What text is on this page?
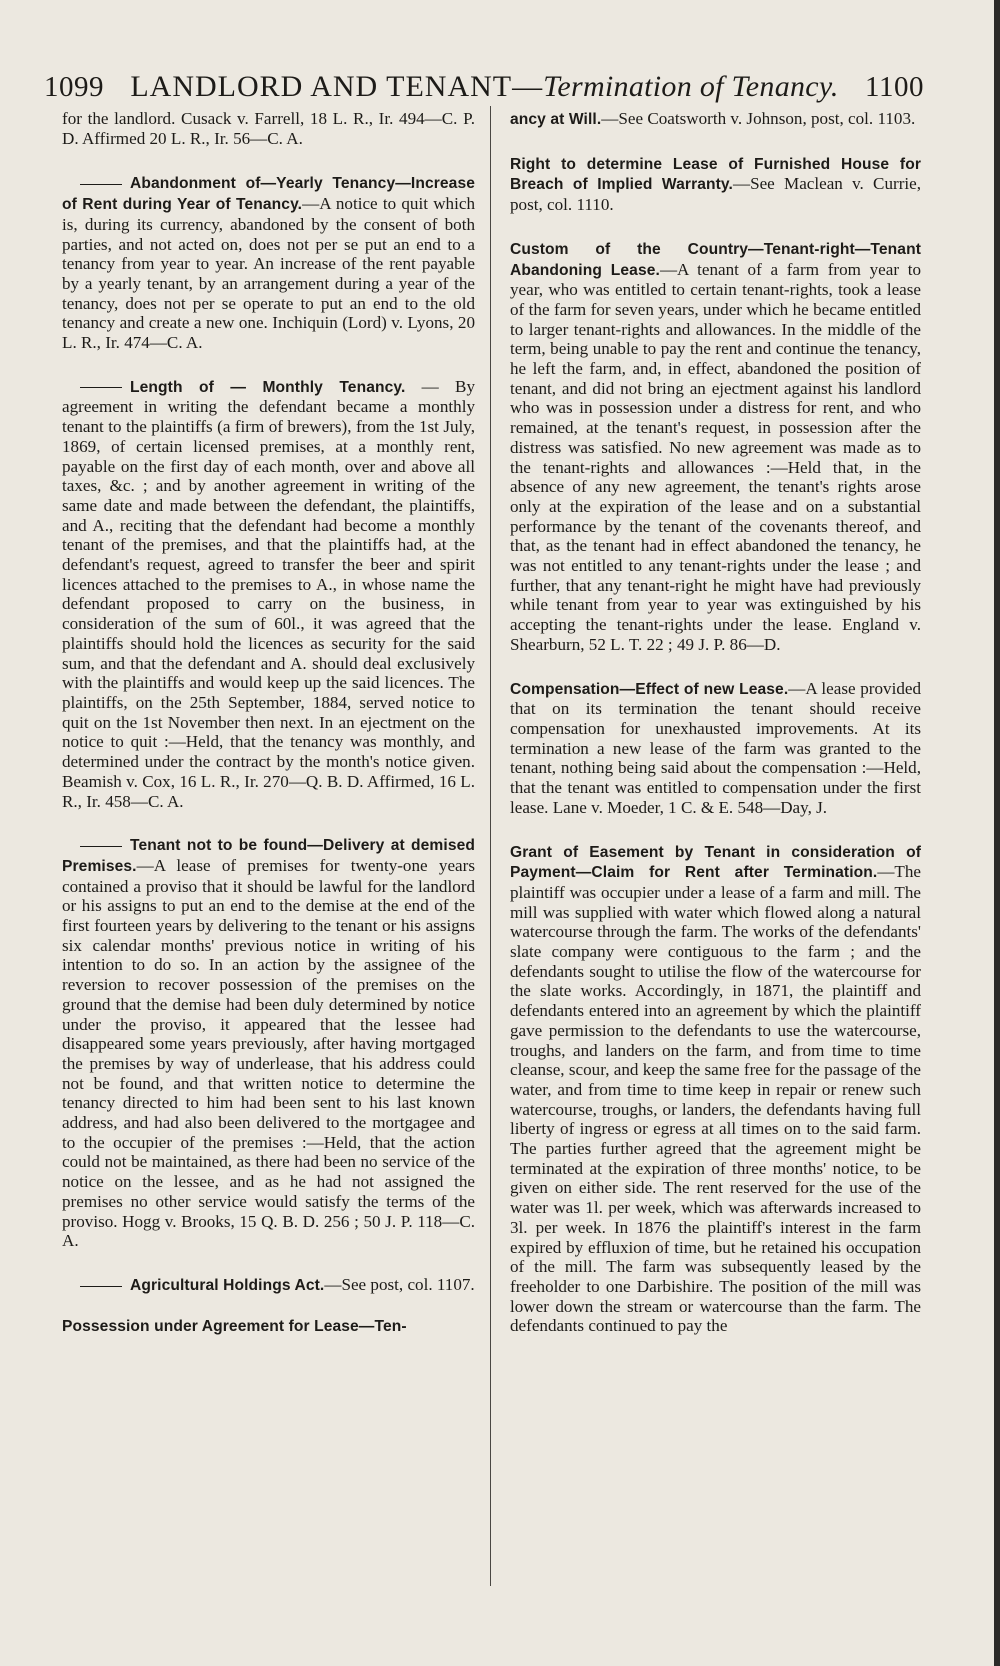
1099 LANDLORD AND TENANT—Termination of Tenancy. 1100

for the landlord. Cusack v. Farrell, 18 L. R., Ir. 494—C. P. D. Affirmed 20 L. R., Ir. 56—C. A.

Abandonment of—Yearly Tenancy—Increase of Rent during Year of Tenancy.—A notice to quit which is, during its currency, abandoned by the consent of both parties, and not acted on, does not per se put an end to a tenancy from year to year. An increase of the rent payable by a yearly tenant, by an arrangement during a year of the tenancy, does not per se operate to put an end to the old tenancy and create a new one. Inchiquin (Lord) v. Lyons, 20 L. R., Ir. 474—C. A.

Length of — Monthly Tenancy. — By agreement in writing the defendant became a monthly tenant to the plaintiffs (a firm of brewers), from the 1st July, 1869, of certain licensed premises, at a monthly rent, payable on the first day of each month, over and above all taxes, &c. ; and by another agreement in writing of the same date and made between the defendant, the plaintiffs, and A., reciting that the defendant had become a monthly tenant of the premises, and that the plaintiffs had, at the defendant's request, agreed to transfer the beer and spirit licences attached to the premises to A., in whose name the defendant proposed to carry on the business, in consideration of the sum of 60l., it was agreed that the plaintiffs should hold the licences as security for the said sum, and that the defendant and A. should deal exclusively with the plaintiffs and would keep up the said licences. The plaintiffs, on the 25th September, 1884, served notice to quit on the 1st November then next. In an ejectment on the notice to quit :—Held, that the tenancy was monthly, and determined under the contract by the month's notice given. Beamish v. Cox, 16 L. R., Ir. 270—Q. B. D. Affirmed, 16 L. R., Ir. 458—C. A.

Tenant not to be found—Delivery at demised Premises.—A lease of premises for twenty-one years contained a proviso that it should be lawful for the landlord or his assigns to put an end to the demise at the end of the first fourteen years by delivering to the tenant or his assigns six calendar months' previous notice in writing of his intention to do so. In an action by the assignee of the reversion to recover possession of the premises on the ground that the demise had been duly determined by notice under the proviso, it appeared that the lessee had disappeared some years previously, after having mortgaged the premises by way of underlease, that his address could not be found, and that written notice to determine the tenancy directed to him had been sent to his last known address, and had also been delivered to the mortgagee and to the occupier of the premises :—Held, that the action could not be maintained, as there had been no service of the notice on the lessee, and as he had not assigned the premises no other service would satisfy the terms of the proviso. Hogg v. Brooks, 15 Q. B. D. 256 ; 50 J. P. 118—C. A.

Agricultural Holdings Act.—See post, col. 1107.

Possession under Agreement for Lease—Ten-

ancy at Will.—See Coatsworth v. Johnson, post, col. 1103.

Right to determine Lease of Furnished House for Breach of Implied Warranty.—See Maclean v. Currie, post, col. 1110.

Custom of the Country—Tenant-right—Tenant Abandoning Lease.—A tenant of a farm from year to year, who was entitled to certain tenant-rights, took a lease of the farm for seven years, under which he became entitled to larger tenant-rights and allowances. In the middle of the term, being unable to pay the rent and continue the tenancy, he left the farm, and, in effect, abandoned the position of tenant, and did not bring an ejectment against his landlord who was in possession under a distress for rent, and who remained, at the tenant's request, in possession after the distress was satisfied. No new agreement was made as to the tenant-rights and allowances :—Held that, in the absence of any new agreement, the tenant's rights arose only at the expiration of the lease and on a substantial performance by the tenant of the covenants thereof, and that, as the tenant had in effect abandoned the tenancy, he was not entitled to any tenant-rights under the lease ; and further, that any tenant-right he might have had previously while tenant from year to year was extinguished by his accepting the tenant-rights under the lease. England v. Shearburn, 52 L. T. 22 ; 49 J. P. 86—D.

Compensation—Effect of new Lease.—A lease provided that on its termination the tenant should receive compensation for unexhausted improvements. At its termination a new lease of the farm was granted to the tenant, nothing being said about the compensation :—Held, that the tenant was entitled to compensation under the first lease. Lane v. Moeder, 1 C. & E. 548—Day, J.

Grant of Easement by Tenant in consideration of Payment—Claim for Rent after Termination.—The plaintiff was occupier under a lease of a farm and mill. The mill was supplied with water which flowed along a natural watercourse through the farm. The works of the defendants' slate company were contiguous to the farm ; and the defendants sought to utilise the flow of the watercourse for the slate works. Accordingly, in 1871, the plaintiff and defendants entered into an agreement by which the plaintiff gave permission to the defendants to use the watercourse, troughs, and landers on the farm, and from time to time cleanse, scour, and keep the same free for the passage of the water, and from time to time keep in repair or renew such watercourse, troughs, or landers, the defendants having full liberty of ingress or egress at all times on to the said farm. The parties further agreed that the agreement might be terminated at the expiration of three months' notice, to be given on either side. The rent reserved for the use of the water was 1l. per week, which was afterwards increased to 3l. per week. In 1876 the plaintiff's interest in the farm expired by effluxion of time, but he retained his occupation of the mill. The farm was subsequently leased by the freeholder to one Darbishire. The position of the mill was lower down the stream or watercourse than the farm. The defendants continued to pay the
